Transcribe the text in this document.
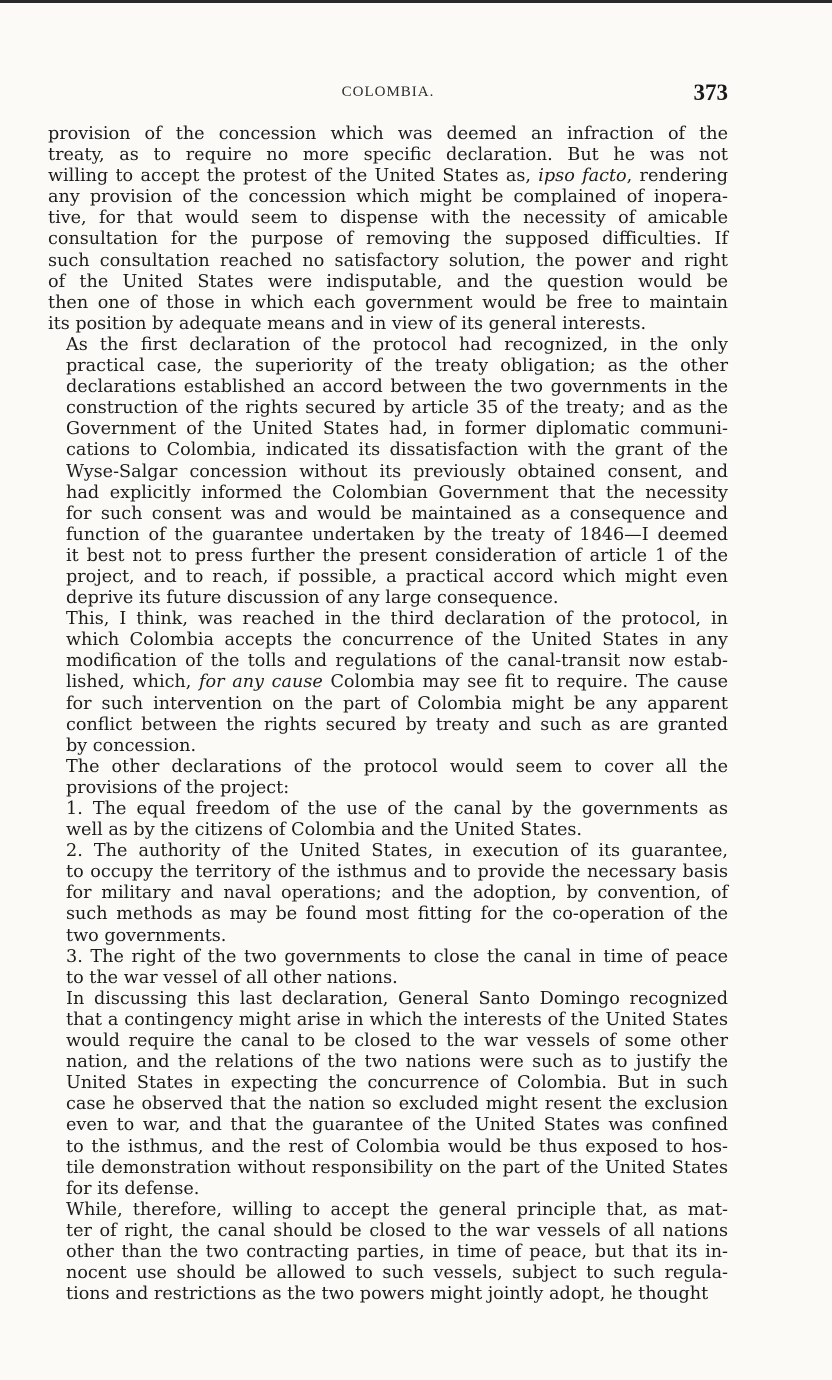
COLOMBIA.	373

provision of the concession which was deemed an infraction of the
treaty, as to require no more specific declaration. But he was not
willing to accept the protest of the United States as, ipso facto, rendering
any provision of the concession which might be complained of inopera-
tive, for that would seem to dispense with the necessity of amicable
consultation for the purpose of removing the supposed difficulties. If
such consultation reached no satisfactory solution, the power and right
of the United States were indisputable, and the question would be
then one of those in which each government would be free to maintain
its position by adequate means and in view of its general interests.

As the first declaration of the protocol had recognized, in the only
practical case, the superiority of the treaty obligation; as the other
declarations established an accord between the two governments in the
construction of the rights secured by article 35 of the treaty; and as the
Government of the United States had, in former diplomatic communi-
cations to Colombia, indicated its dissatisfaction with the grant of the
Wyse-Salgar concession without its previously obtained consent, and
had explicitly informed the Colombian Government that the necessity
for such consent was and would be maintained as a consequence and
function of the guarantee undertaken by the treaty of 1846—I deemed
it best not to press further the present consideration of article 1 of the
project, and to reach, if possible, a practical accord which might even
deprive its future discussion of any large consequence.

This, I think, was reached in the third declaration of the protocol, in
which Colombia accepts the concurrence of the United States in any
modification of the tolls and regulations of the canal-transit now estab-
lished, which, for any cause Colombia may see fit to require. The cause
for such intervention on the part of Colombia might be any apparent
conflict between the rights secured by treaty and such as are granted
by concession.

The other declarations of the protocol would seem to cover all the
provisions of the project:

1. The equal freedom of the use of the canal by the governments as
well as by the citizens of Colombia and the United States.

2. The authority of the United States, in execution of its guarantee,
to occupy the territory of the isthmus and to provide the necessary basis
for military and naval operations; and the adoption, by convention, of
such methods as may be found most fitting for the co-operation of the
two governments.

3. The right of the two governments to close the canal in time of peace
to the war vessel of all other nations.

In discussing this last declaration, General Santo Domingo recognized
that a contingency might arise in which the interests of the United States
would require the canal to be closed to the war vessels of some other
nation, and the relations of the two nations were such as to justify the
United States in expecting the concurrence of Colombia. But in such
case he observed that the nation so excluded might resent the exclusion
even to war, and that the guarantee of the United States was confined
to the isthmus, and the rest of Colombia would be thus exposed to hos-
tile demonstration without responsibility on the part of the United States
for its defense.

While, therefore, willing to accept the general principle that, as mat-
ter of right, the canal should be closed to the war vessels of all nations
other than the two contracting parties, in time of peace, but that its in-
nocent use should be allowed to such vessels, subject to such regula-
tions and restrictions as the two powers might jointly adopt, he thought
